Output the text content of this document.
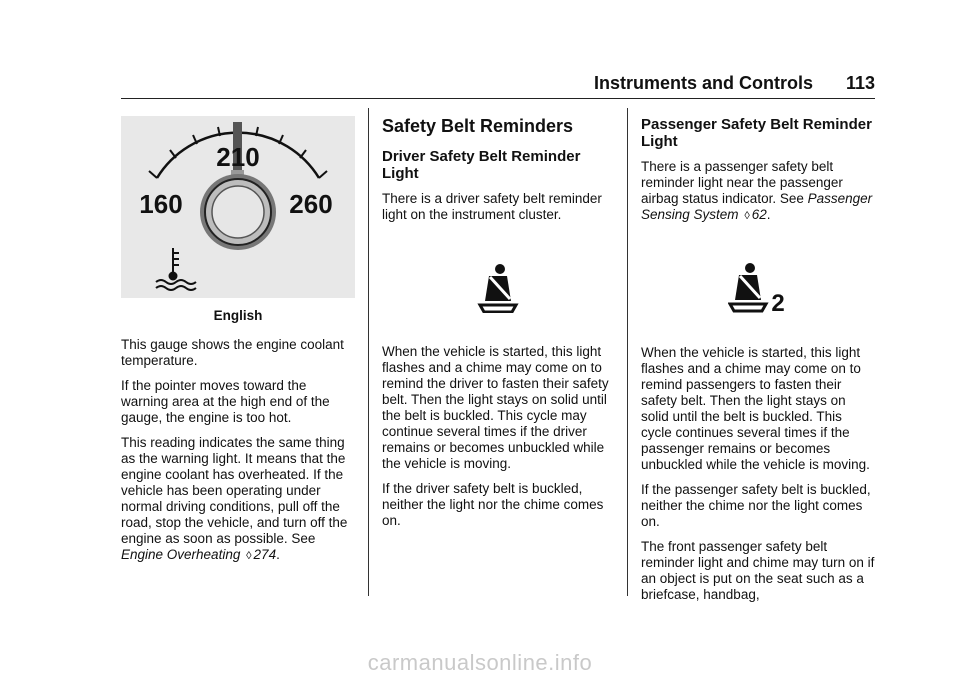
Instruments and Controls 113
210
160	260
English

This gauge shows the engine coolant temperature.

If the pointer moves toward the warning area at the high end of the gauge, the engine is too hot.

This reading indicates the same thing as the warning light. It means that the engine coolant has overheated. If the vehicle has been operating under normal driving conditions, pull off the road, stop the vehicle, and turn off the engine as soon as possible. See Engine Overheating ◊ 274.

Safety Belt Reminders
Driver Safety Belt Reminder Light

There is a driver safety belt reminder light on the instrument cluster.

When the vehicle is started, this light flashes and a chime may come on to remind the driver to fasten their safety belt. Then the light stays on solid until the belt is buckled. This cycle may continue several times if the driver remains or becomes unbuckled while the vehicle is moving.

If the driver safety belt is buckled, neither the light nor the chime comes on.

Passenger Safety Belt Reminder Light

There is a passenger safety belt reminder light near the passenger airbag status indicator. See Passenger Sensing System ◊ 62.

2

When the vehicle is started, this light flashes and a chime may come on to remind passengers to fasten their safety belt. Then the light stays on solid until the belt is buckled. This cycle continues several times if the passenger remains or becomes unbuckled while the vehicle is moving.

If the passenger safety belt is buckled, neither the chime nor the light comes on.

The front passenger safety belt reminder light and chime may turn on if an object is put on the seat such as a briefcase, handbag,

carmanualsonline.info
